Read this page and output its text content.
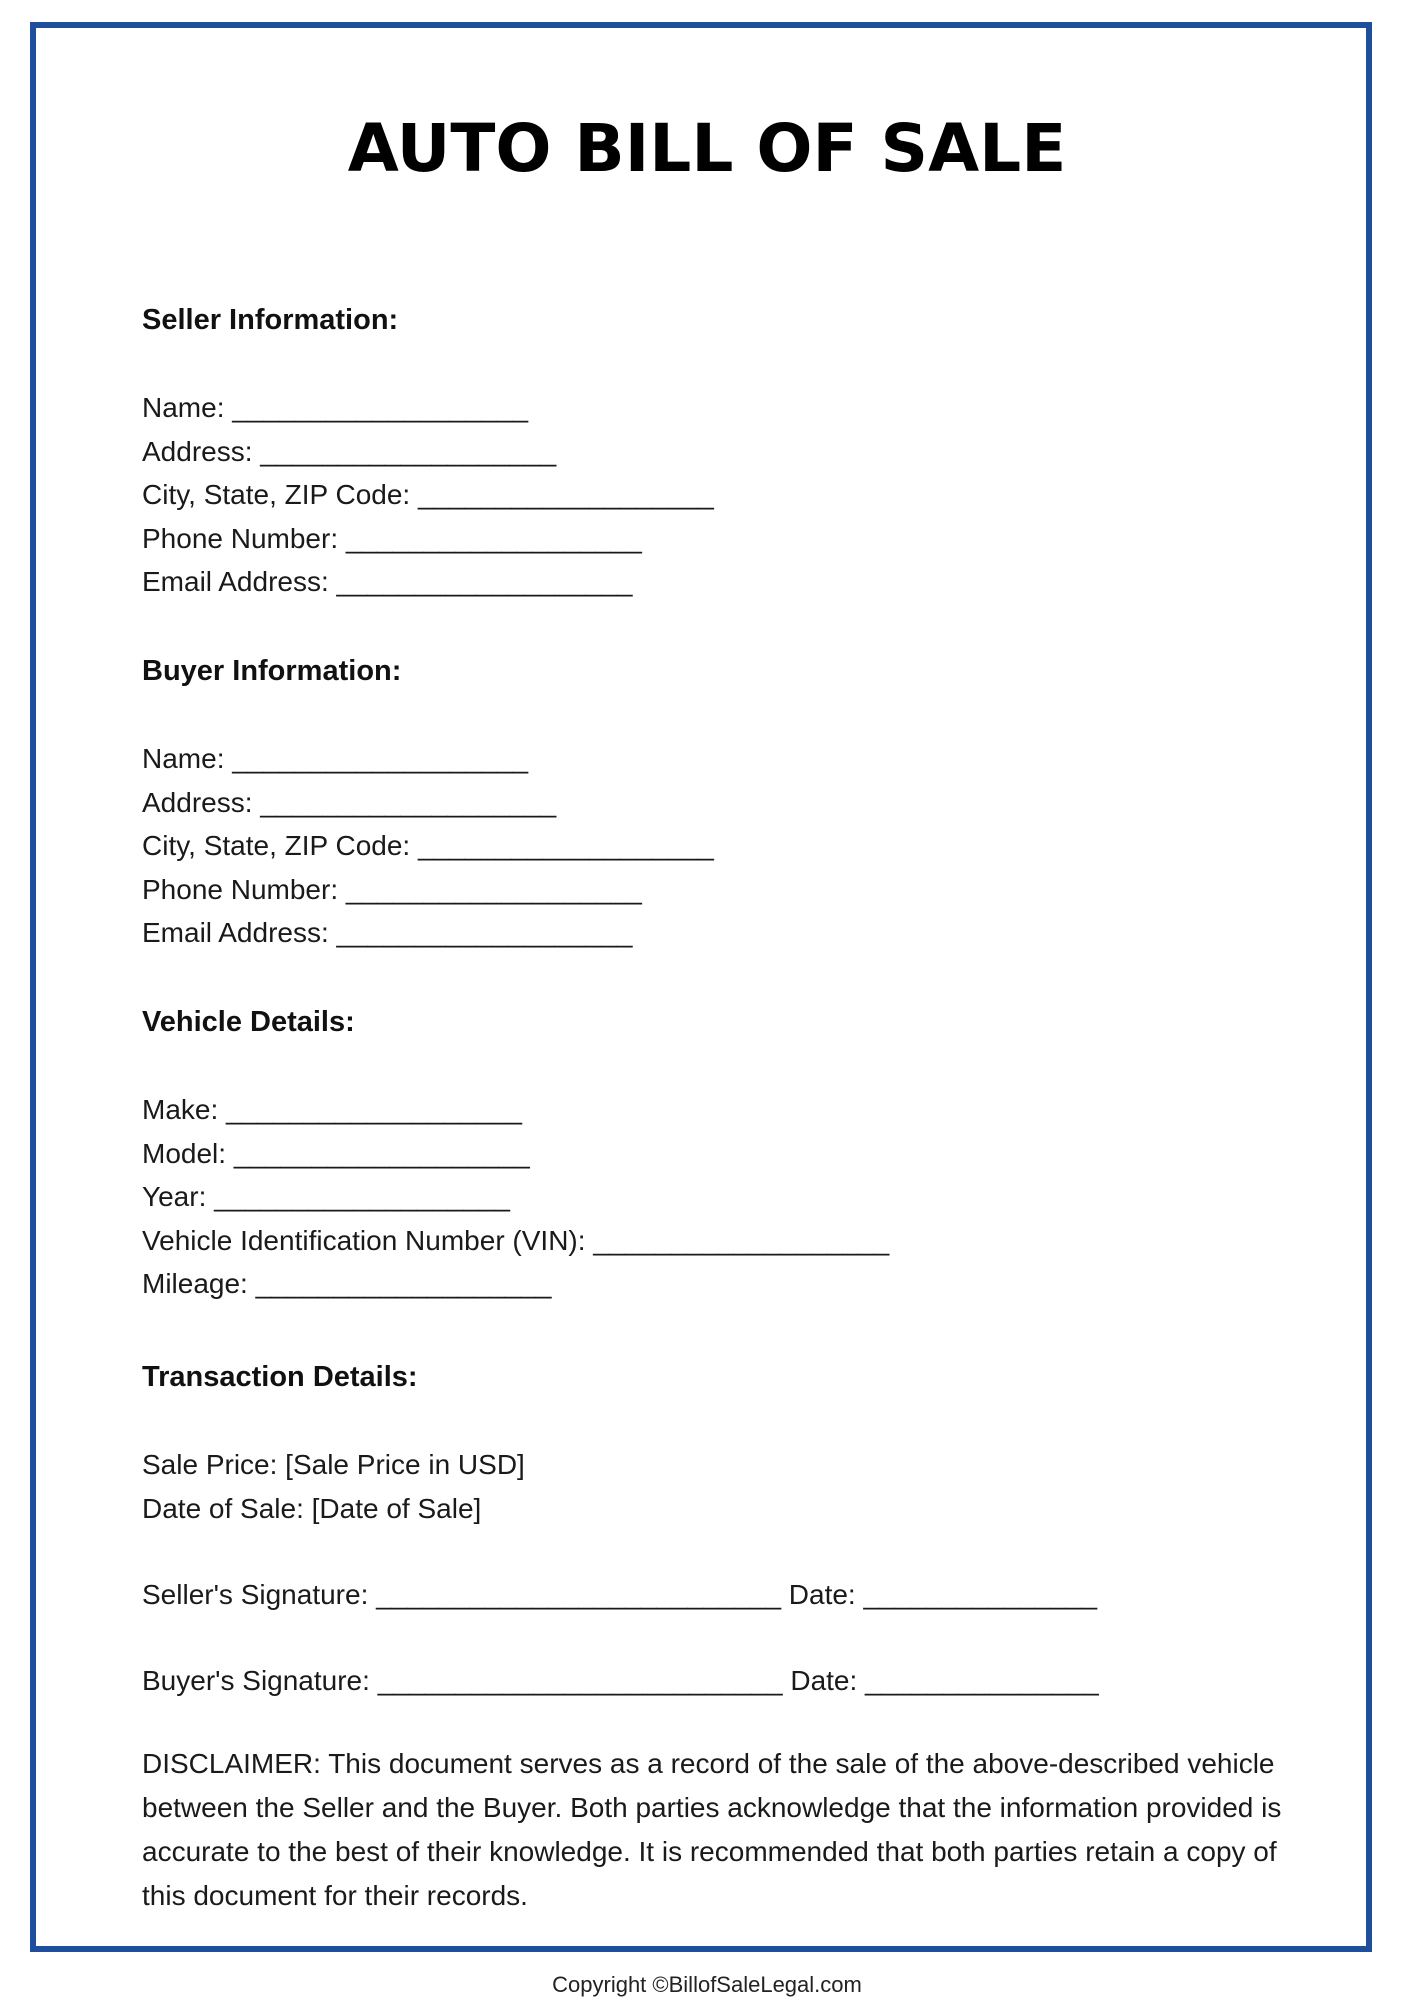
AUTO BILL OF SALE
Seller Information:
Name: ___________________
Address: ___________________
City, State, ZIP Code: ___________________
Phone Number: ___________________
Email Address: ___________________
Buyer Information:
Name: ___________________
Address: ___________________
City, State, ZIP Code: ___________________
Phone Number: ___________________
Email Address: ___________________
Vehicle Details:
Make: ___________________
Model: ___________________
Year: ___________________
Vehicle Identification Number (VIN): ___________________
Mileage: ___________________
Transaction Details:
Sale Price: [Sale Price in USD]
Date of Sale: [Date of Sale]
Seller's Signature: __________________________ Date: _______________
Buyer's Signature: __________________________ Date: _______________
DISCLAIMER: This document serves as a record of the sale of the above-described vehicle between the Seller and the Buyer. Both parties acknowledge that the information provided is accurate to the best of their knowledge. It is recommended that both parties retain a copy of this document for their records.
Copyright ©BillofSaleLegal.com
